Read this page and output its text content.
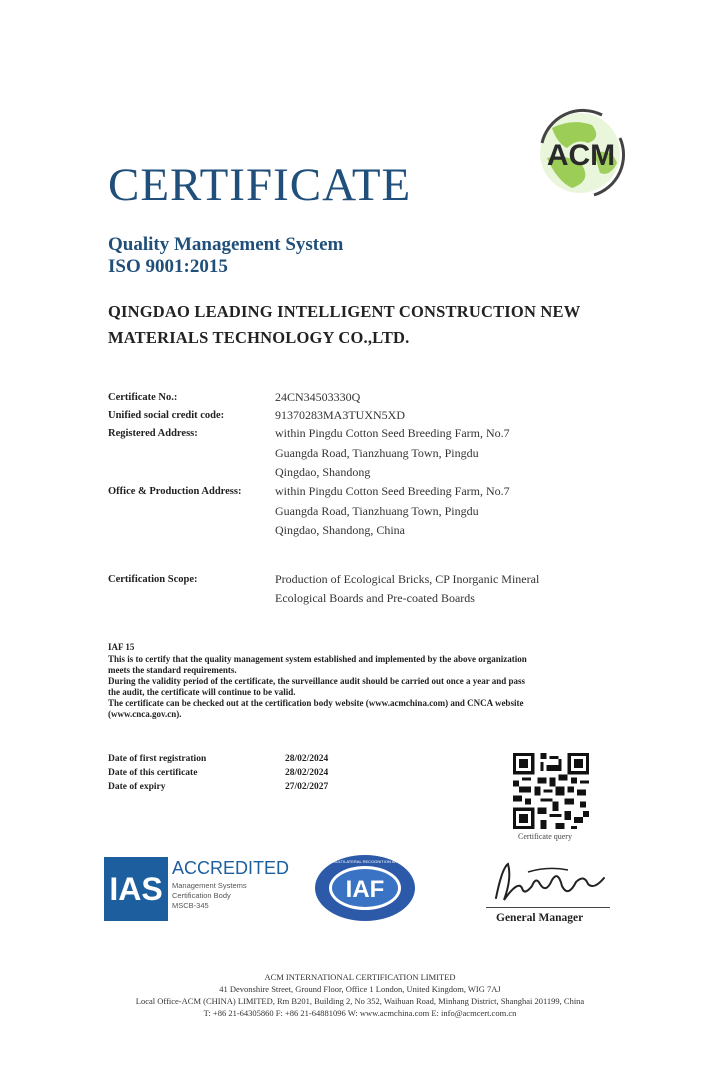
CERTIFICATE
ACM
Quality Management System
ISO 9001:2015
QINGDAO LEADING INTELLIGENT CONSTRUCTION NEW
MATERIALS TECHNOLOGY CO.,LTD.
Certificate No.:	24CN34503330Q
Unified social credit code:	91370283MA3TUXN5XD
Registered Address:	within Pingdu Cotton Seed Breeding Farm, No.7
Guangda Road, Tianzhuang Town, Pingdu
Qingdao, Shandong
Office & Production Address:	within Pingdu Cotton Seed Breeding Farm, No.7
Guangda Road, Tianzhuang Town, Pingdu
Qingdao, Shandong, China
Certification Scope:	Production of Ecological Bricks, CP Inorganic Mineral
Ecological Boards and Pre-coated Boards
IAF 15
This is to certify that the quality management system established and implemented by the above organization
meets the standard requirements.
During the validity period of the certificate, the surveillance audit should be carried out once a year and pass
the audit, the certificate will continue to be valid.
The certificate can be checked out at the certification body website (www.acmchina.com) and CNCA website
(www.cnca.gov.cn).
Date of first registration	28/02/2024
Date of this certificate	28/02/2024
Date of expiry	27/02/2027
Certificate query
IAS
ACCREDITED
Management Systems
Certification Body
MSCB-345
IAF
MEMBER OF MULTILATERAL RECOGNITION ARRANGEMENT
General Manager
ACM INTERNATIONAL CERTIFICATION LIMITED
41 Devonshire Street, Ground Floor, Office 1 London, United Kingdom, WIG 7AJ
Local Office-ACM (CHINA) LIMITED, Rm B201, Building 2, No 352, Waihuan Road, Minhang District, Shanghai 201199, China
T: +86 21-64305860 F: +86 21-64881096 W: www.acmchina.com E: info@acmcert.com.cn
